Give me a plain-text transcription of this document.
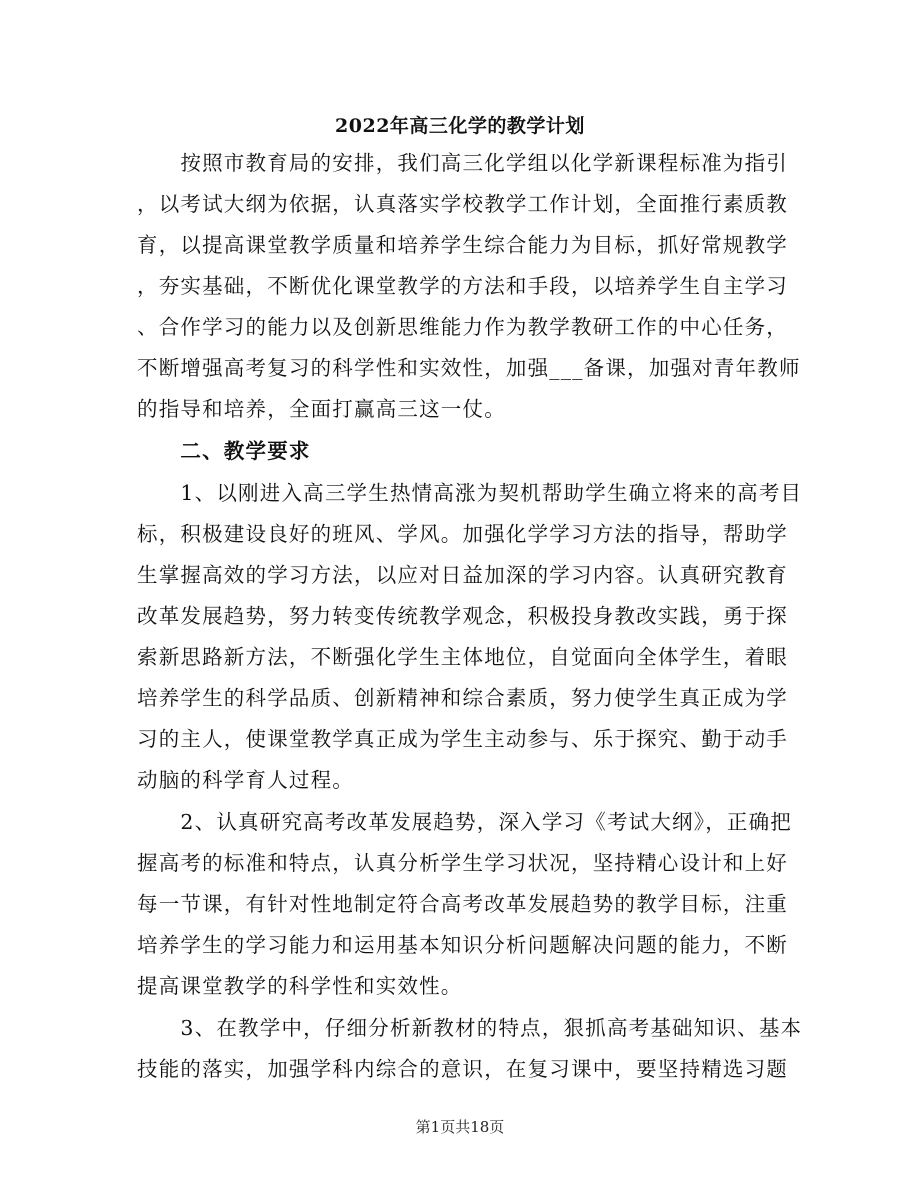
2022年高三化学的教学计划
　　按照市教育局的安排，我们高三化学组以化学新课程标准为指引
，以考试大纲为依据，认真落实学校教学工作计划，全面推行素质教
育，以提高课堂教学质量和培养学生综合能力为目标，抓好常规教学
，夯实基础，不断优化课堂教学的方法和手段，以培养学生自主学习
、合作学习的能力以及创新思维能力作为教学教研工作的中心任务，
不断增强高考复习的科学性和实效性，加强___备课，加强对青年教师
的指导和培养，全面打赢高三这一仗。
　　二、教学要求
　　1、以刚进入高三学生热情高涨为契机帮助学生确立将来的高考目
标，积极建设良好的班风、学风。加强化学学习方法的指导，帮助学
生掌握高效的学习方法，以应对日益加深的学习内容。认真研究教育
改革发展趋势，努力转变传统教学观念，积极投身教改实践，勇于探
索新思路新方法，不断强化学生主体地位，自觉面向全体学生，着眼
培养学生的科学品质、创新精神和综合素质，努力使学生真正成为学
习的主人，使课堂教学真正成为学生主动参与、乐于探究、勤于动手
动脑的科学育人过程。
　　2、认真研究高考改革发展趋势，深入学习《考试大纲》，正确把
握高考的标准和特点，认真分析学生学习状况，坚持精心设计和上好
每一节课，有针对性地制定符合高考改革发展趋势的教学目标，注重
培养学生的学习能力和运用基本知识分析问题解决问题的能力，不断
提高课堂教学的科学性和实效性。
　　3、在教学中，仔细分析新教材的特点，狠抓高考基础知识、基本
技能的落实，加强学科内综合的意识，在复习课中，要坚持精选习题
第1页共18页
